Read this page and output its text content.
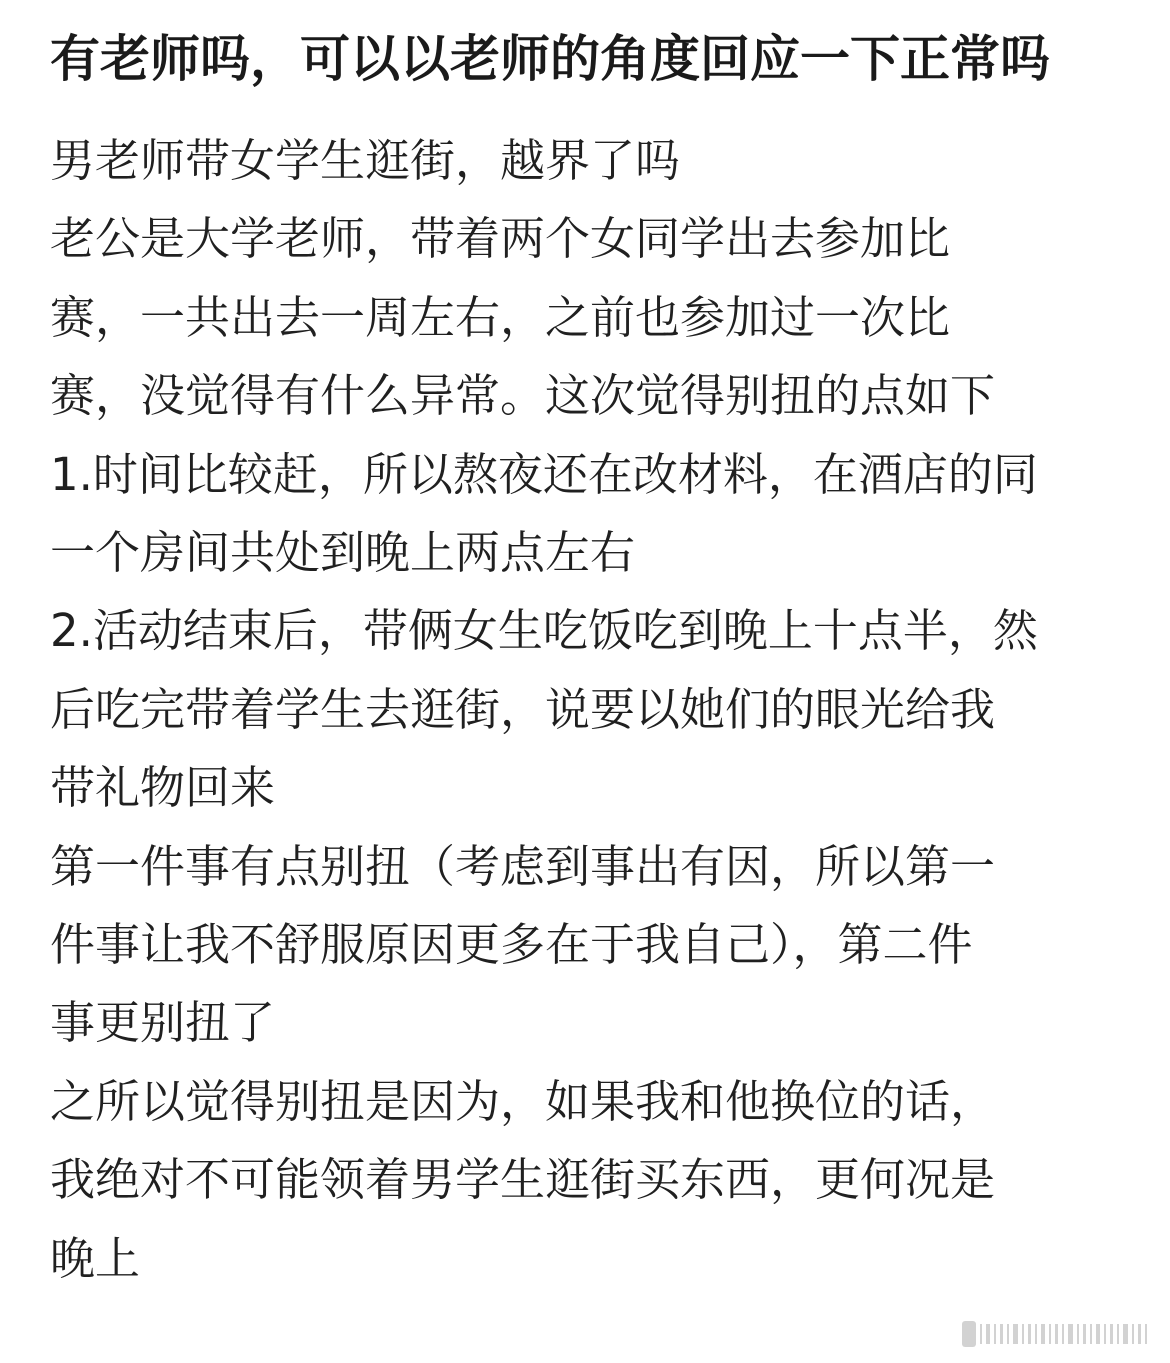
有老师吗，可以以老师的角度回应一下正常吗
男老师带女学生逛街，越界了吗
老公是大学老师，带着两个女同学出去参加比
赛，一共出去一周左右，之前也参加过一次比
赛，没觉得有什么异常。这次觉得别扭的点如下
1.时间比较赶，所以熬夜还在改材料，在酒店的同
一个房间共处到晚上两点左右
2.活动结束后，带俩女生吃饭吃到晚上十点半，然
后吃完带着学生去逛街，说要以她们的眼光给我
带礼物回来
第一件事有点别扭（考虑到事出有因，所以第一
件事让我不舒服原因更多在于我自己），第二件
事更别扭了
之所以觉得别扭是因为，如果我和他换位的话，
我绝对不可能领着男学生逛街买东西，更何况是
晚上
